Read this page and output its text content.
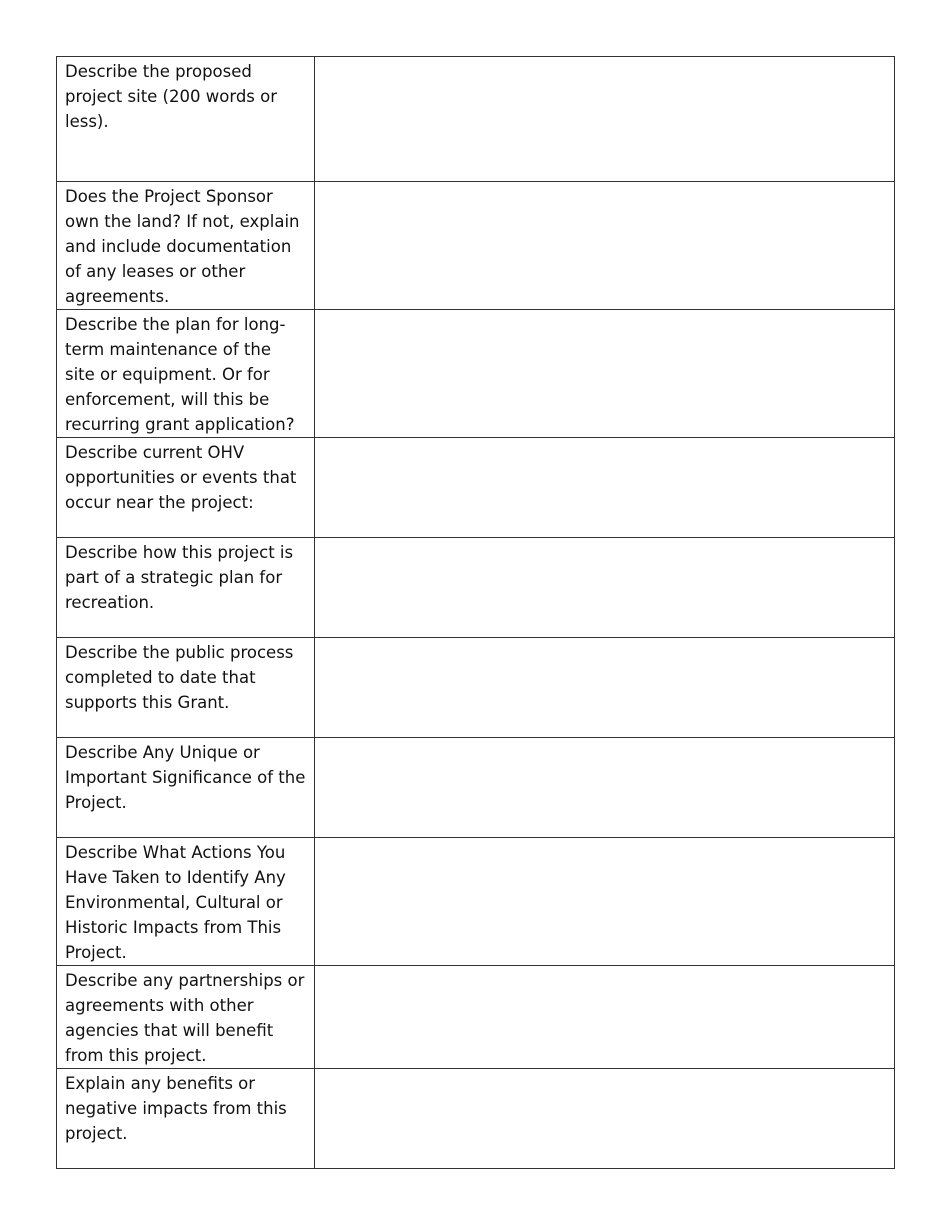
Describe the proposed project site (200 words or less).	
Does the Project Sponsor own the land? If not, explain and include documentation of any leases or other agreements.	
Describe the plan for long-term maintenance of the site or equipment. Or for enforcement, will this be recurring grant application?	
Describe current OHV opportunities or events that occur near the project:	
Describe how this project is part of a strategic plan for recreation.	
Describe the public process completed to date that supports this Grant.	
Describe Any Unique or Important Significance of the Project.	
Describe What Actions You Have Taken to Identify Any Environmental, Cultural or Historic Impacts from This Project.	
Describe any partnerships or agreements with other agencies that will benefit from this project.	
Explain any benefits or negative impacts from this project.	
